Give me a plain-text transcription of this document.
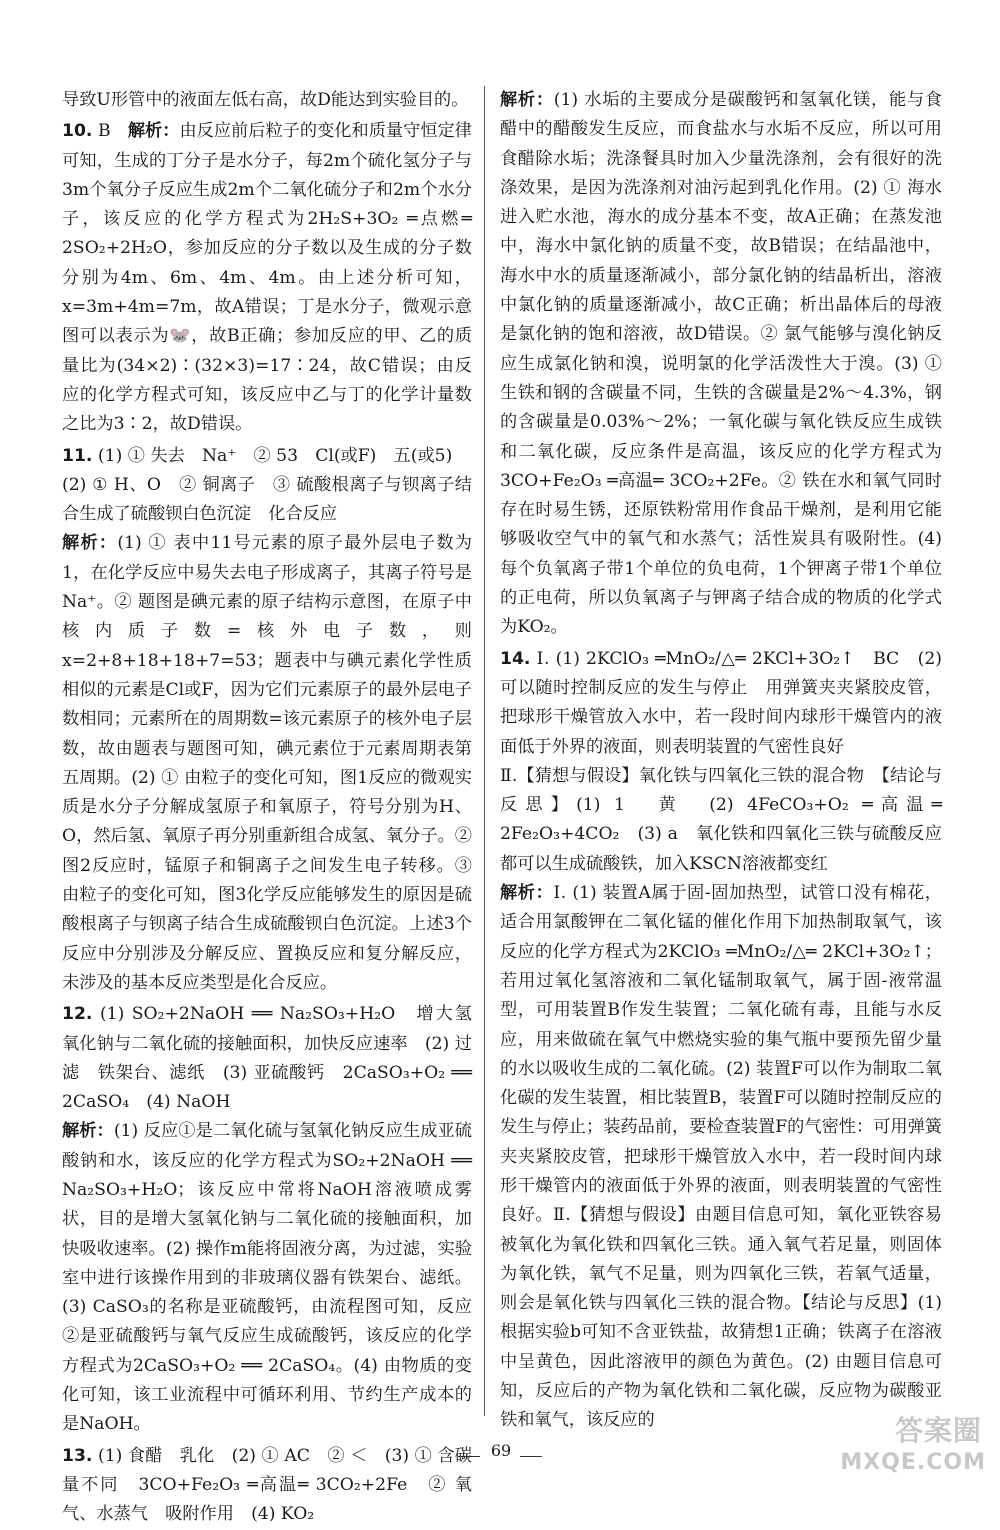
导致U形管中的液面左低右高，故D能达到实验目的。

10. B　 解析：由反应前后粒子的变化和质量守恒定律可知，生成的丁分子是水分子，每2m个硫化氢分子与3m个氧分子反应生成2m个二氧化硫分子和2m个水分子，该反应的化学方程式为2H₂S+3O₂ ═点燃═ 2SO₂+2H₂O，参加反应的分子数以及生成的分子数分别为4m、6m、4m、4m。由上述分析可知，x=3m+4m=7m，故A错误；丁是水分子，微观示意图可以表示为🐭，故B正确；参加反应的甲、乙的质量比为(34×2)∶(32×3)=17∶24，故C错误；由反应的化学方程式可知，该反应中乙与丁的化学计量数之比为3∶2，故D错误。
11. (1) ① 失去　Na⁺　② 53　Cl(或F)　五(或5)
(2) ① H、O　② 铜离子　③ 硫酸根离子与钡离子结合生成了硫酸钡白色沉淀　化合反应
解析：(1) ① 表中11号元素的原子最外层电子数为1，在化学反应中易失去电子形成离子，其离子符号是Na⁺。② 题图是碘元素的原子结构示意图，在原子中核内质子数=核外电子数，则x=2+8+18+18+7=53；题表中与碘元素化学性质相似的元素是Cl或F，因为它们元素原子的最外层电子数相同；元素所在的周期数=该元素原子的核外电子层数，故由题表与题图可知，碘元素位于元素周期表第五周期。(2) ① 由粒子的变化可知，图1反应的微观实质是水分子分解成氢原子和氧原子，符号分别为H、O，然后氢、氧原子再分别重新组合成氢、氧分子。② 图2反应时，锰原子和铜离子之间发生电子转移。③ 由粒子的变化可知，图3化学反应能够发生的原因是硫酸根离子与钡离子结合生成硫酸钡白色沉淀。上述3个反应中分别涉及分解反应、置换反应和复分解反应，未涉及的基本反应类型是化合反应。
12. (1) SO₂+2NaOH ══ Na₂SO₃+H₂O　增大氢氧化钠与二氧化硫的接触面积，加快反应速率　(2) 过滤　铁架台、滤纸　(3) 亚硫酸钙　2CaSO₃+O₂ ══ 2CaSO₄　(4) NaOH
解析：(1) 反应①是二氧化硫与氢氧化钠反应生成亚硫酸钠和水，该反应的化学方程式为SO₂+2NaOH ══ Na₂SO₃+H₂O；该反应中常将NaOH溶液喷成雾状，目的是增大氢氧化钠与二氧化硫的接触面积，加快吸收速率。(2) 操作m能将固液分离，为过滤，实验室中进行该操作用到的非玻璃仪器有铁架台、滤纸。(3) CaSO₃的名称是亚硫酸钙，由流程图可知，反应②是亚硫酸钙与氧气反应生成硫酸钙，该反应的化学方程式为2CaSO₃+O₂ ══ 2CaSO₄。(4) 由物质的变化可知，该工业流程中可循环利用、节约生产成本的是NaOH。
13. (1) 食醋　乳化　(2) ① AC　② ＜　(3) ① 含碳量不同　3CO+Fe₂O₃ ═高温═ 3CO₂+2Fe　② 氧气、水蒸气　吸附作用　(4) KO₂
解析：(1) 水垢的主要成分是碳酸钙和氢氧化镁，能与食醋中的醋酸发生反应，而食盐水与水垢不反应，所以可用食醋除水垢；洗涤餐具时加入少量洗涤剂，会有很好的洗涤效果，是因为洗涤剂对油污起到乳化作用。(2) ① 海水进入贮水池，海水的成分基本不变，故A正确；在蒸发池中，海水中氯化钠的质量不变，故B错误；在结晶池中，海水中水的质量逐渐减小，部分氯化钠的结晶析出，溶液中氯化钠的质量逐渐减小，故C正确；析出晶体后的母液是氯化钠的饱和溶液，故D错误。② 氯气能够与溴化钠反应生成氯化钠和溴，说明氯的化学活泼性大于溴。(3) ① 生铁和钢的含碳量不同，生铁的含碳量是2%～4.3%，钢的含碳量是0.03%～2%；一氧化碳与氧化铁反应生成铁和二氧化碳，反应条件是高温，该反应的化学方程式为3CO+Fe₂O₃ ═高温═ 3CO₂+2Fe。② 铁在水和氧气同时存在时易生锈，还原铁粉常用作食品干燥剂，是利用它能够吸收空气中的氧气和水蒸气；活性炭具有吸附性。(4) 每个负氧离子带1个单位的负电荷，1个钾离子带1个单位的正电荷，所以负氧离子与钾离子结合成的物质的化学式为KO₂。
14. Ⅰ. (1) 2KClO₃ ═MnO₂/△═ 2KCl+3O₂↑　BC　(2) 可以随时控制反应的发生与停止　用弹簧夹夹紧胶皮管，把球形干燥管放入水中，若一段时间内球形干燥管内的液面低于外界的液面，则表明装置的气密性良好
Ⅱ.【猜想与假设】氧化铁与四氧化三铁的混合物　【结论与反思】(1) 1　黄　(2) 4FeCO₃+O₂ ═高温═ 2Fe₂O₃+4CO₂　(3) a　氧化铁和四氧化三铁与硫酸反应都可以生成硫酸铁，加入KSCN溶液都变红
解析：Ⅰ. (1) 装置A属于固-固加热型，试管口没有棉花，适合用氯酸钾在二氧化锰的催化作用下加热制取氧气，该反应的化学方程式为2KClO₃ ═MnO₂/△═ 2KCl+3O₂↑；若用过氧化氢溶液和二氧化锰制取氧气，属于固-液常温型，可用装置B作发生装置；二氧化硫有毒，且能与水反应，用来做硫在氧气中燃烧实验的集气瓶中要预先留少量的水以吸收生成的二氧化硫。(2) 装置F可以作为制取二氧化碳的发生装置，相比装置B，装置F可以随时控制反应的发生与停止；装药品前，要检查装置F的气密性：可用弹簧夹夹紧胶皮管，把球形干燥管放入水中，若一段时间内球形干燥管内的液面低于外界的液面，则表明装置的气密性良好。Ⅱ.【猜想与假设】由题目信息可知，氧化亚铁容易被氧化为氧化铁和四氧化三铁。通入氧气若足量，则固体为氧化铁，氧气不足量，则为四氧化三铁，若氧气适量，则会是氧化铁与四氧化三铁的混合物。【结论与反思】(1) 根据实验b可知不含亚铁盐，故猜想1正确；铁离子在溶液中呈黄色，因此溶液甲的颜色为黄色。(2) 由题目信息可知，反应后的产物为氧化铁和二氧化碳，反应物为碳酸亚铁和氧气，该反应的
69
答案圈
MXQE.COM
